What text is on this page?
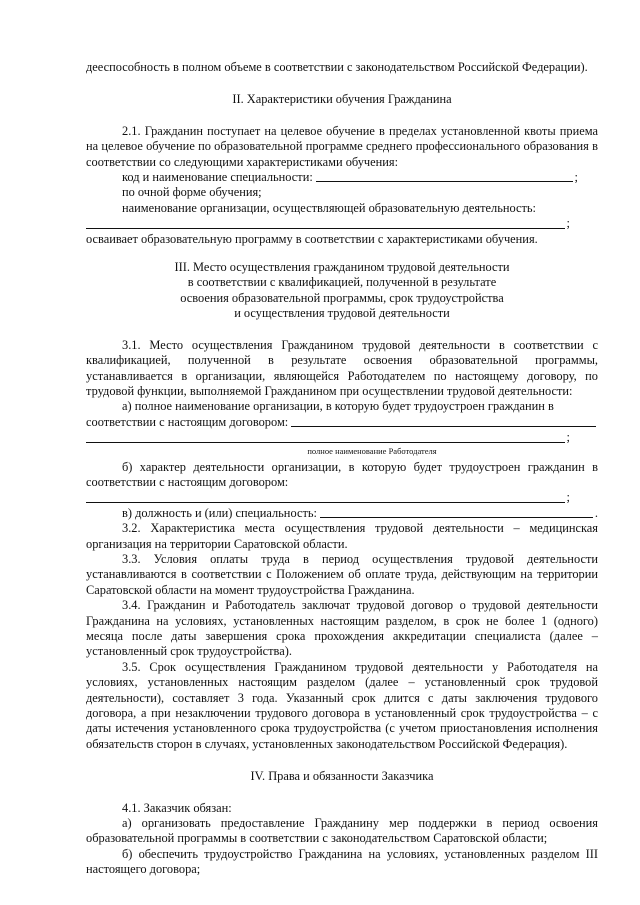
дееспособность в полном объеме в соответствии с законодательством Российской Федерации).

II. Характеристики обучения Гражданина

2.1. Гражданин поступает на целевое обучение в пределах установленной квоты приема на целевое обучение по образовательной программе среднего профессионального образования в соответствии со следующими характеристиками обучения:

код и наименование специальности:	;

по очной форме обучения;

наименование организации, осуществляющей образовательную деятельность:

;

осваивает образовательную программу в соответствии с характеристиками обучения.

III. Место осуществления гражданином трудовой деятельности

в соответствии с квалификацией, полученной в результате

освоения образовательной программы, срок трудоустройства

и осуществления трудовой деятельности

3.1. Место осуществления Гражданином трудовой деятельности в соответствии с квалификацией, полученной в результате освоения образовательной программы, устанавливается в организации, являющейся Работодателем по настоящему договору, по трудовой функции, выполняемой Гражданином при осуществлении трудовой деятельности:

а) полное наименование организации, в которую будет трудоустроен гражданин в

соответствии с настоящим договором:
;
полное наименование Работодателя

б) характер деятельности организации, в которую будет трудоустроен гражданин в соответствии с настоящим договором:

;
в) должность и (или) специальность:	.

3.2. Характеристика места осуществления трудовой деятельности – медицинская организация на территории Саратовской области.

3.3. Условия оплаты труда в период осуществления трудовой деятельности устанавливаются в соответствии с Положением об оплате труда, действующим на территории Саратовской области на момент трудоустройства Гражданина.

3.4. Гражданин и Работодатель заключат трудовой договор о трудовой деятельности Гражданина на условиях, установленных настоящим разделом, в срок не более 1 (одного) месяца после даты завершения срока прохождения аккредитации специалиста (далее – установленный срок трудоустройства).

3.5. Срок осуществления Гражданином трудовой деятельности у Работодателя на условиях, установленных настоящим разделом (далее – установленный срок трудовой деятельности), составляет 3 года. Указанный срок длится с даты заключения трудового договора, а при незаключении трудового договора в установленный срок трудоустройства – с даты истечения установленного срока трудоустройства (с учетом приостановления исполнения обязательств сторон в случаях, установленных законодательством Российской Федерация).

IV. Права и обязанности Заказчика

4.1. Заказчик обязан:

а) организовать предоставление Гражданину мер поддержки в период освоения образовательной программы в соответствии с законодательством Саратовской области;

б) обеспечить трудоустройство Гражданина на условиях, установленных разделом III настоящего договора;
